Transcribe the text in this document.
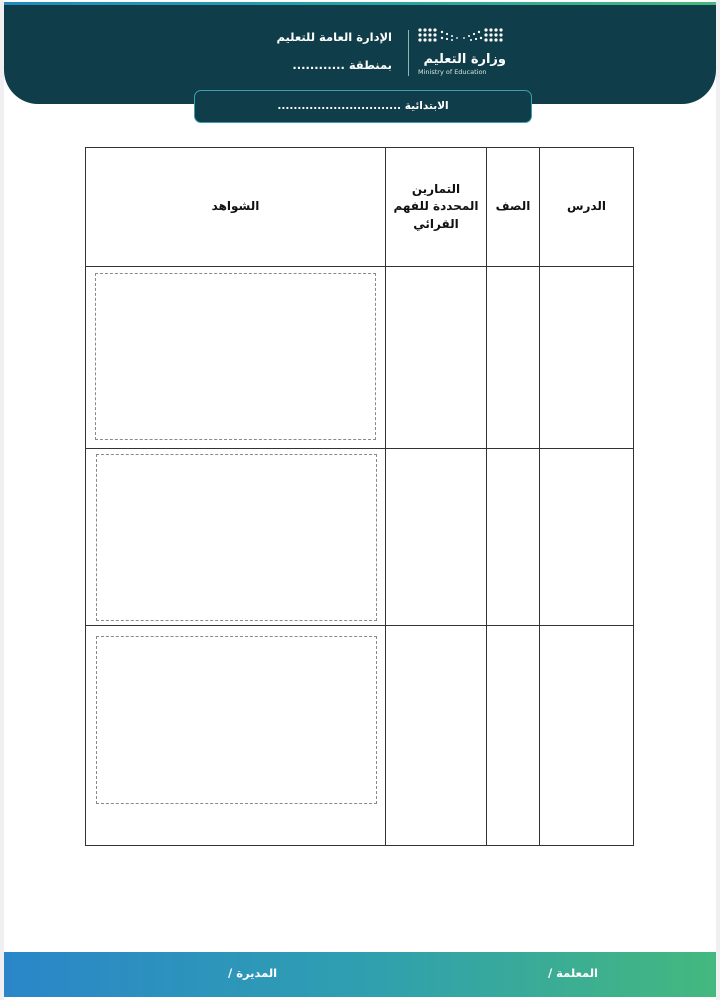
الإدارة العامة للتعليم
بمنطقة ............	وزارة التعليم
Ministry of Education
الابتدائية ...............................
الشواهد	التمارين
المحددة للفهم
القرائي	الصف	الدرس

المعلمة /
المديرة /
